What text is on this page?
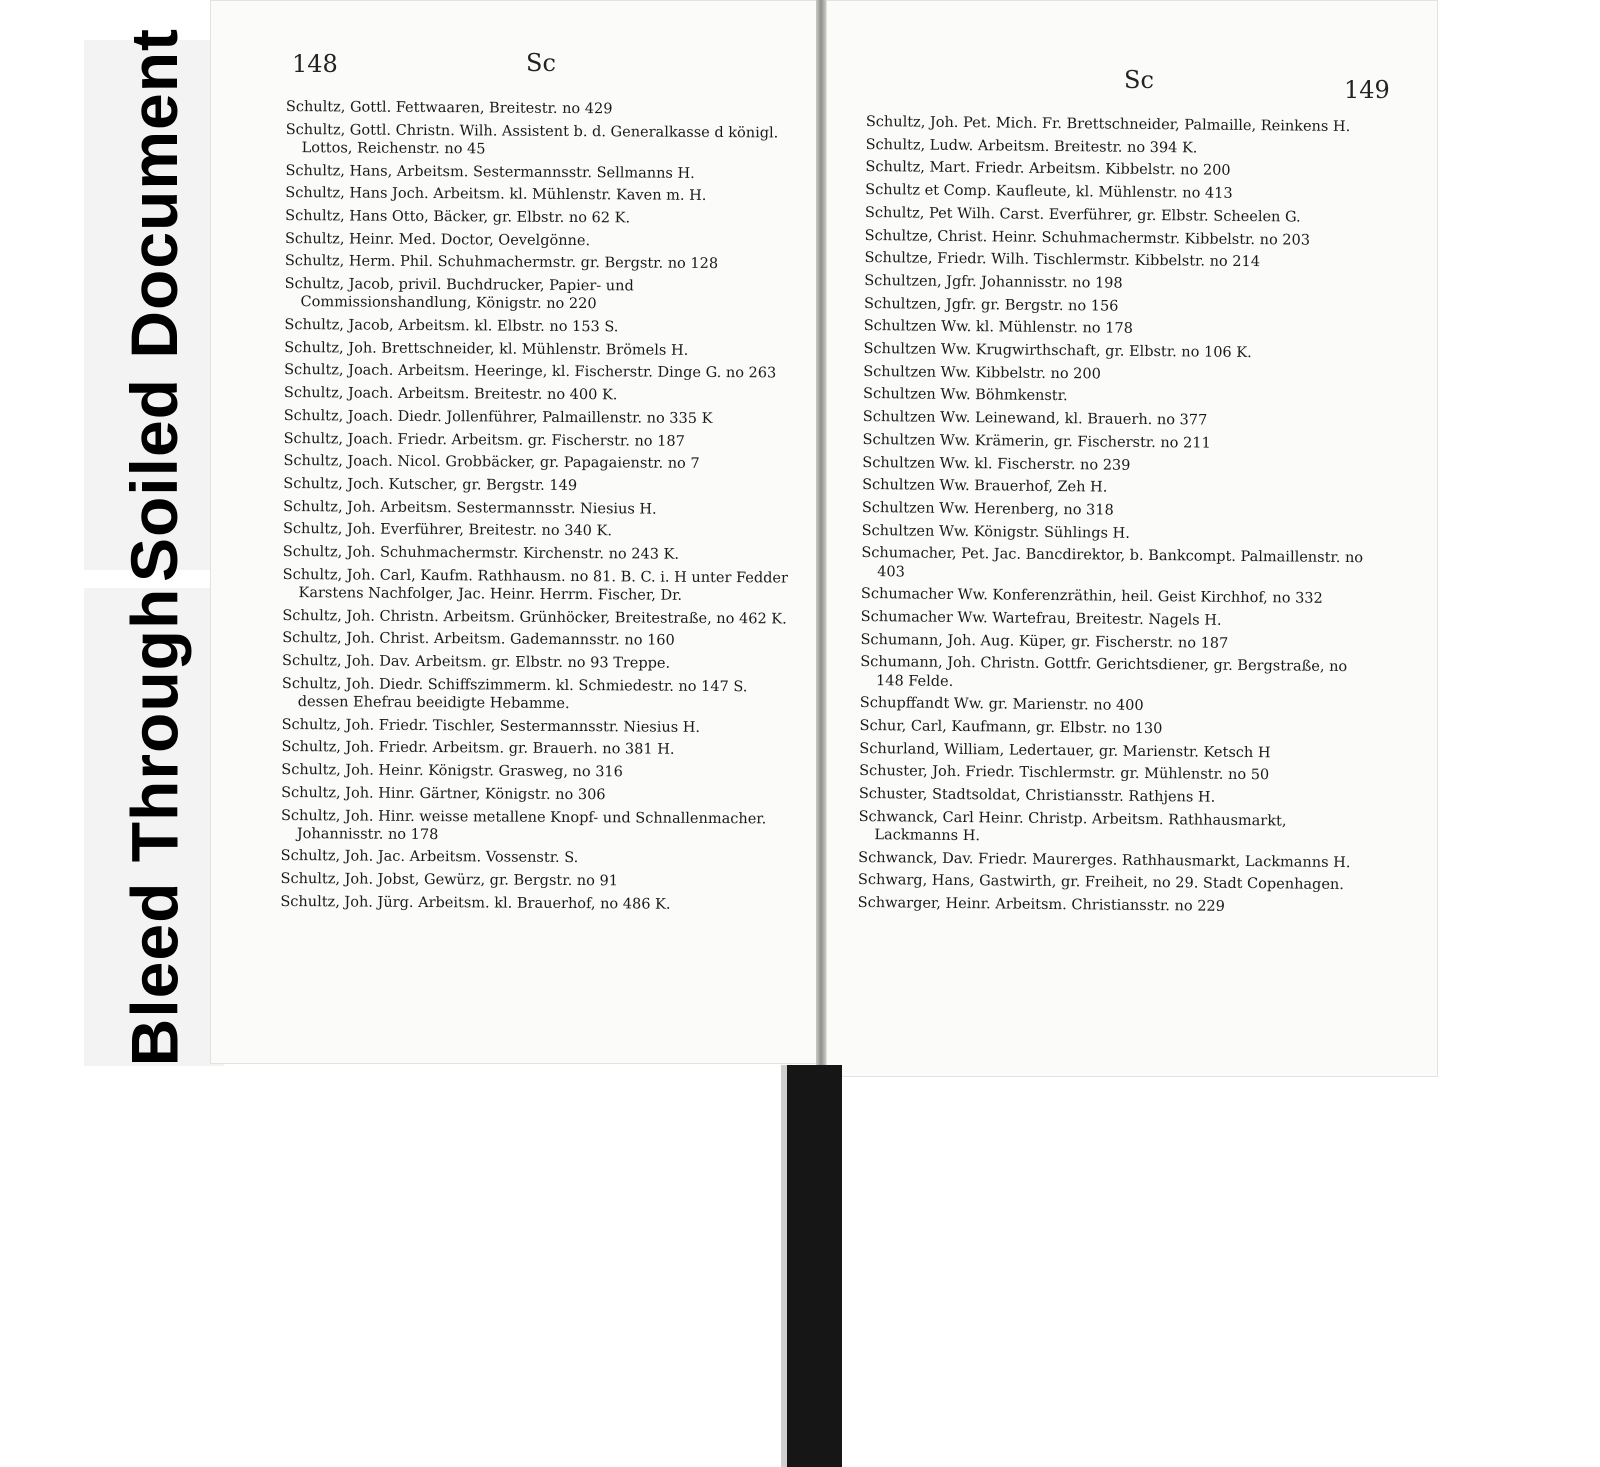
Soiled Document
Bleed Through
148	Sc
Sc	149

Schultz, Gottl. Fettwaaren, Breitestr. no 429

Schultz, Gottl. Christn. Wilh. Assistent b. d. Generalkasse d königl. Lottos, Reichenstr. no 45

Schultz, Hans, Arbeitsm. Sestermannsstr. Sellmanns H.

Schultz, Hans Joch. Arbeitsm. kl. Mühlenstr. Kaven m. H.

Schultz, Hans Otto, Bäcker, gr. Elbstr. no 62 K.

Schultz, Heinr. Med. Doctor, Oevelgönne.

Schultz, Herm. Phil. Schuhmachermstr. gr. Bergstr. no 128

Schultz, Jacob, privil. Buchdrucker, Papier- und Commissionshandlung, Königstr. no 220

Schultz, Jacob, Arbeitsm. kl. Elbstr. no 153 S.

Schultz, Joh. Brettschneider, kl. Mühlenstr. Brömels H.

Schultz, Joach. Arbeitsm. Heeringe, kl. Fischerstr. Dinge G. no 263

Schultz, Joach. Arbeitsm. Breitestr. no 400 K.

Schultz, Joach. Diedr. Jollenführer, Palmaillenstr. no 335 K

Schultz, Joach. Friedr. Arbeitsm. gr. Fischerstr. no 187

Schultz, Joach. Nicol. Grobbäcker, gr. Papagaienstr. no 7

Schultz, Joch. Kutscher, gr. Bergstr. 149

Schultz, Joh. Arbeitsm. Sestermannsstr. Niesius H.

Schultz, Joh. Everführer, Breitestr. no 340 K.

Schultz, Joh. Schuhmachermstr. Kirchenstr. no 243 K.

Schultz, Joh. Carl, Kaufm. Rathhausm. no 81. B. C. i. H unter Fedder Karstens Nachfolger, Jac. Heinr. Herrm. Fischer, Dr.

Schultz, Joh. Christn. Arbeitsm. Grünhöcker, Breitestraße, no 462 K.

Schultz, Joh. Christ. Arbeitsm. Gademannsstr. no 160

Schultz, Joh. Dav. Arbeitsm. gr. Elbstr. no 93 Treppe.

Schultz, Joh. Diedr. Schiffszimmerm. kl. Schmiedestr. no 147 S. dessen Ehefrau beeidigte Hebamme.

Schultz, Joh. Friedr. Tischler, Sestermannsstr. Niesius H.

Schultz, Joh. Friedr. Arbeitsm. gr. Brauerh. no 381 H.

Schultz, Joh. Heinr. Königstr. Grasweg, no 316

Schultz, Joh. Hinr. Gärtner, Königstr. no 306

Schultz, Joh. Hinr. weisse metallene Knopf- und Schnallenmacher. Johannisstr. no 178

Schultz, Joh. Jac. Arbeitsm. Vossenstr. S.

Schultz, Joh. Jobst, Gewürz, gr. Bergstr. no 91

Schultz, Joh. Jürg. Arbeitsm. kl. Brauerhof, no 486 K.

Schultz, Joh. Pet. Mich. Fr. Brettschneider, Palmaille, Reinkens H.

Schultz, Ludw. Arbeitsm. Breitestr. no 394 K.

Schultz, Mart. Friedr. Arbeitsm. Kibbelstr. no 200

Schultz et Comp. Kaufleute, kl. Mühlenstr. no 413

Schultz, Pet Wilh. Carst. Everführer, gr. Elbstr. Scheelen G.

Schultze, Christ. Heinr. Schuhmachermstr. Kibbelstr. no 203

Schultze, Friedr. Wilh. Tischlermstr. Kibbelstr. no 214

Schultzen, Jgfr. Johannisstr. no 198

Schultzen, Jgfr. gr. Bergstr. no 156

Schultzen Ww. kl. Mühlenstr. no 178

Schultzen Ww. Krugwirthschaft, gr. Elbstr. no 106 K.

Schultzen Ww. Kibbelstr. no 200

Schultzen Ww. Böhmkenstr.

Schultzen Ww. Leinewand, kl. Brauerh. no 377

Schultzen Ww. Krämerin, gr. Fischerstr. no 211

Schultzen Ww. kl. Fischerstr. no 239

Schultzen Ww. Brauerhof, Zeh H.

Schultzen Ww. Herenberg, no 318

Schultzen Ww. Königstr. Sühlings H.

Schumacher, Pet. Jac. Bancdirektor, b. Bankcompt. Palmaillenstr. no 403

Schumacher Ww. Konferenzräthin, heil. Geist Kirchhof, no 332

Schumacher Ww. Wartefrau, Breitestr. Nagels H.

Schumann, Joh. Aug. Küper, gr. Fischerstr. no 187

Schumann, Joh. Christn. Gottfr. Gerichtsdiener, gr. Bergstraße, no 148 Felde.

Schupffandt Ww. gr. Marienstr. no 400

Schur, Carl, Kaufmann, gr. Elbstr. no 130

Schurland, William, Ledertauer, gr. Marienstr. Ketsch H

Schuster, Joh. Friedr. Tischlermstr. gr. Mühlenstr. no 50

Schuster, Stadtsoldat, Christiansstr. Rathjens H.

Schwanck, Carl Heinr. Christp. Arbeitsm. Rathhausmarkt, Lackmanns H.

Schwanck, Dav. Friedr. Maurerges. Rathhausmarkt, Lackmanns H.

Schwarg, Hans, Gastwirth, gr. Freiheit, no 29. Stadt Copenhagen.

Schwarger, Heinr. Arbeitsm. Christiansstr. no 229
